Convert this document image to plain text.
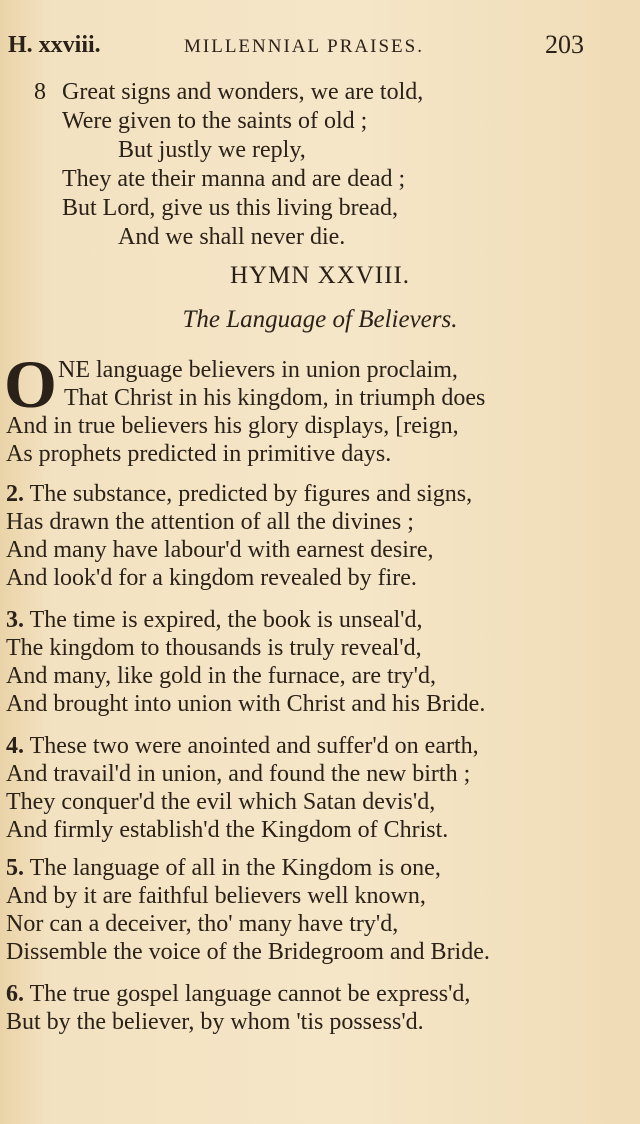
H. xxviii.	MILLENNIAL PRAISES.	203
8 Great signs and wonders, we are told,
Were given to the saints of old ;
But justly we reply,
They ate their manna and are dead ;
But Lord, give us this living bread,
And we shall never die.
HYMN XXVIII.
The Language of Believers.
O NE language believers in union proclaim,
That Christ in his kingdom, in triumph does
And in true believers his glory displays, [reign,
As prophets predicted in primitive days.
2. The substance, predicted by figures and signs,
Has drawn the attention of all the divines ;
And many have labour'd with earnest desire,
And look'd for a kingdom revealed by fire.
3. The time is expired, the book is unseal'd,
The kingdom to thousands is truly reveal'd,
And many, like gold in the furnace, are try'd,
And brought into union with Christ and his Bride.
4. These two were anointed and suffer'd on earth,
And travail'd in union, and found the new birth ;
They conquer'd the evil which Satan devis'd,
And firmly establish'd the Kingdom of Christ.
5. The language of all in the Kingdom is one,
And by it are faithful believers well known,
Nor can a deceiver, tho' many have try'd,
Dissemble the voice of the Bridegroom and Bride.
6. The true gospel language cannot be express'd,
But by the believer, by whom 'tis possess'd.
